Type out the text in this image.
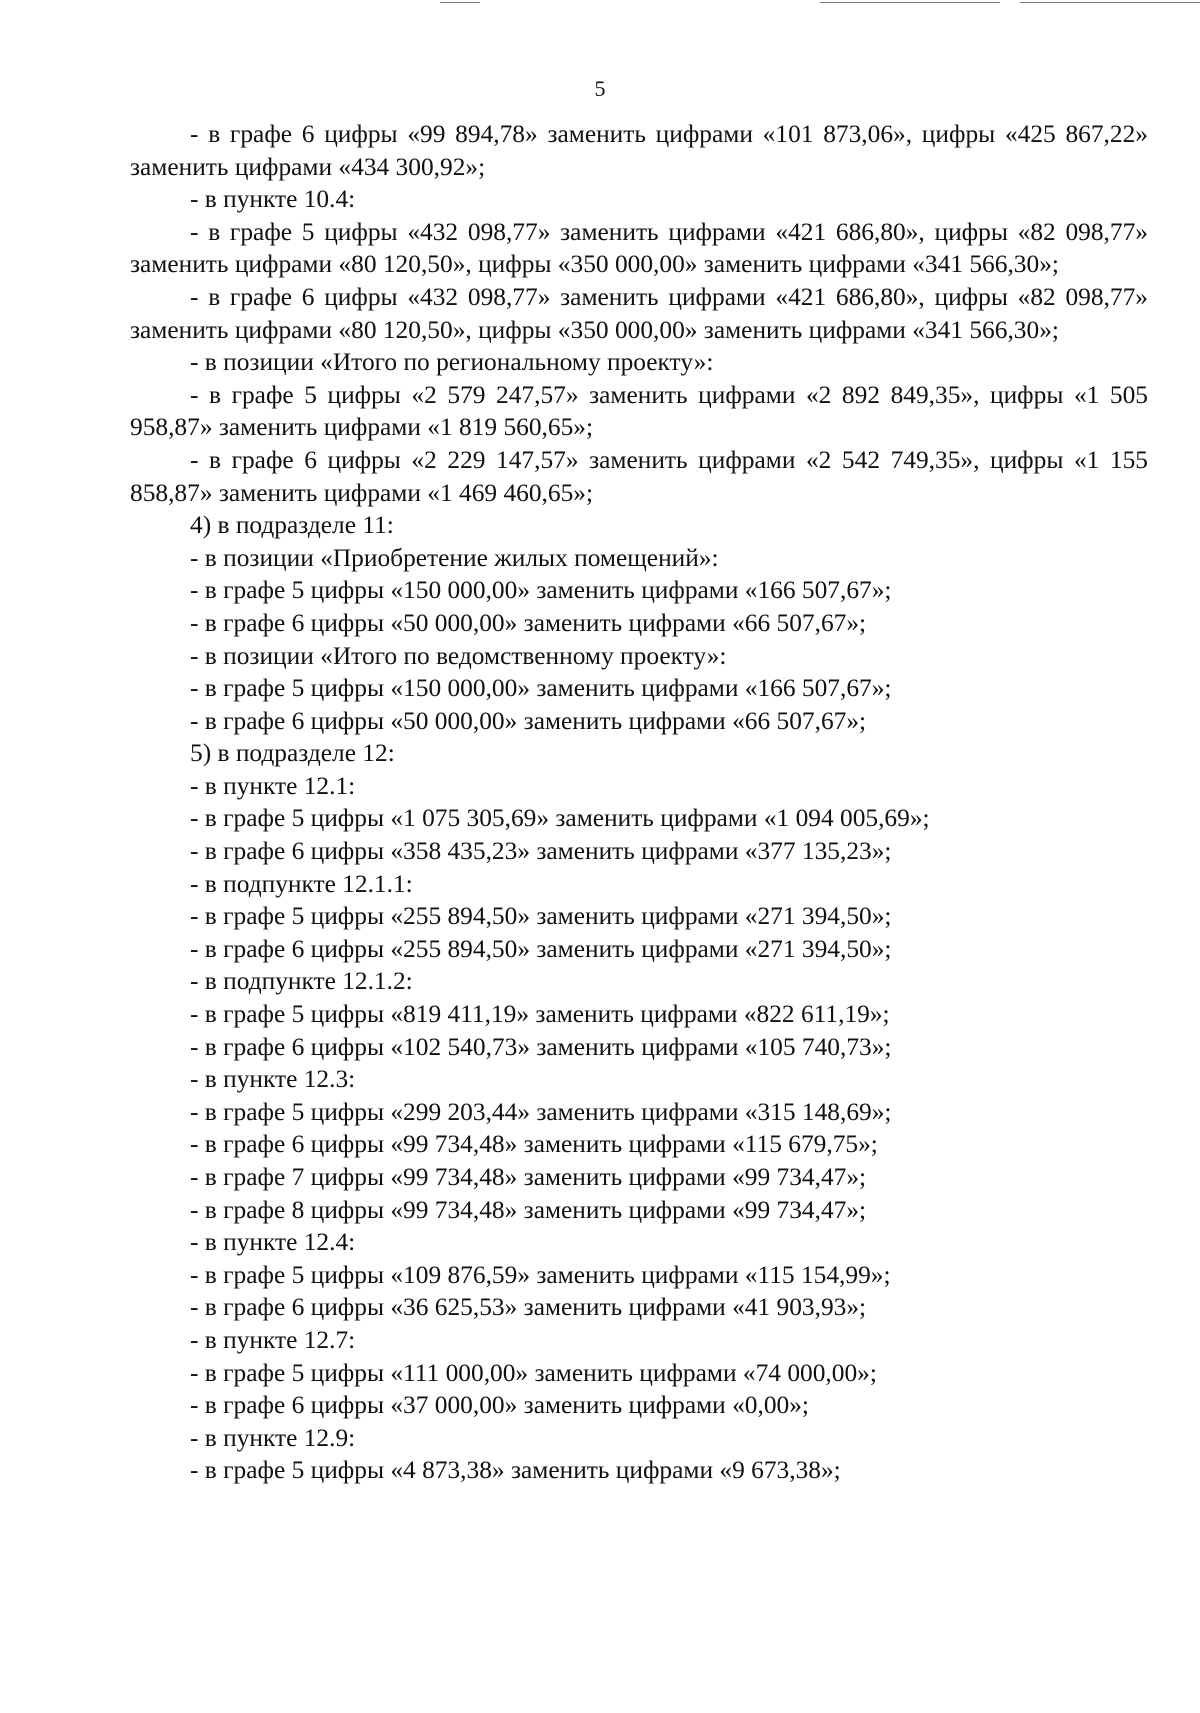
5

- в графе 6 цифры «99 894,78» заменить цифрами «101 873,06», цифры «425 867,22» заменить цифрами «434 300,92»;

- в пункте 10.4:

- в графе 5 цифры «432 098,77» заменить цифрами «421 686,80», цифры «82 098,77» заменить цифрами «80 120,50», цифры «350 000,00» заменить цифрами «341 566,30»;

- в графе 6 цифры «432 098,77» заменить цифрами «421 686,80», цифры «82 098,77» заменить цифрами «80 120,50», цифры «350 000,00» заменить цифрами «341 566,30»;

- в позиции «Итого по региональному проекту»:

- в графе 5 цифры «2 579 247,57» заменить цифрами «2 892 849,35», цифры «1 505 958,87» заменить цифрами «1 819 560,65»;

- в графе 6 цифры «2 229 147,57» заменить цифрами «2 542 749,35», цифры «1 155 858,87» заменить цифрами «1 469 460,65»;

4) в подразделе 11:

- в позиции «Приобретение жилых помещений»:

- в графе 5 цифры «150 000,00» заменить цифрами «166 507,67»;

- в графе 6 цифры «50 000,00» заменить цифрами «66 507,67»;

- в позиции «Итого по ведомственному проекту»:

- в графе 5 цифры «150 000,00» заменить цифрами «166 507,67»;

- в графе 6 цифры «50 000,00» заменить цифрами «66 507,67»;

5) в подразделе 12:

- в пункте 12.1:

- в графе 5 цифры «1 075 305,69» заменить цифрами «1 094 005,69»;

- в графе 6 цифры «358 435,23» заменить цифрами «377 135,23»;

- в подпункте 12.1.1:

- в графе 5 цифры «255 894,50» заменить цифрами «271 394,50»;

- в графе 6 цифры «255 894,50» заменить цифрами «271 394,50»;

- в подпункте 12.1.2:

- в графе 5 цифры «819 411,19» заменить цифрами «822 611,19»;

- в графе 6 цифры «102 540,73» заменить цифрами «105 740,73»;

- в пункте 12.3:

- в графе 5 цифры «299 203,44» заменить цифрами «315 148,69»;

- в графе 6 цифры «99 734,48» заменить цифрами «115 679,75»;

- в графе 7 цифры «99 734,48» заменить цифрами «99 734,47»;

- в графе 8 цифры «99 734,48» заменить цифрами «99 734,47»;

- в пункте 12.4:

- в графе 5 цифры «109 876,59» заменить цифрами «115 154,99»;

- в графе 6 цифры «36 625,53» заменить цифрами «41 903,93»;

- в пункте 12.7:

- в графе 5 цифры «111 000,00» заменить цифрами «74 000,00»;

- в графе 6 цифры «37 000,00» заменить цифрами «0,00»;

- в пункте 12.9:

- в графе 5 цифры «4 873,38» заменить цифрами «9 673,38»;
